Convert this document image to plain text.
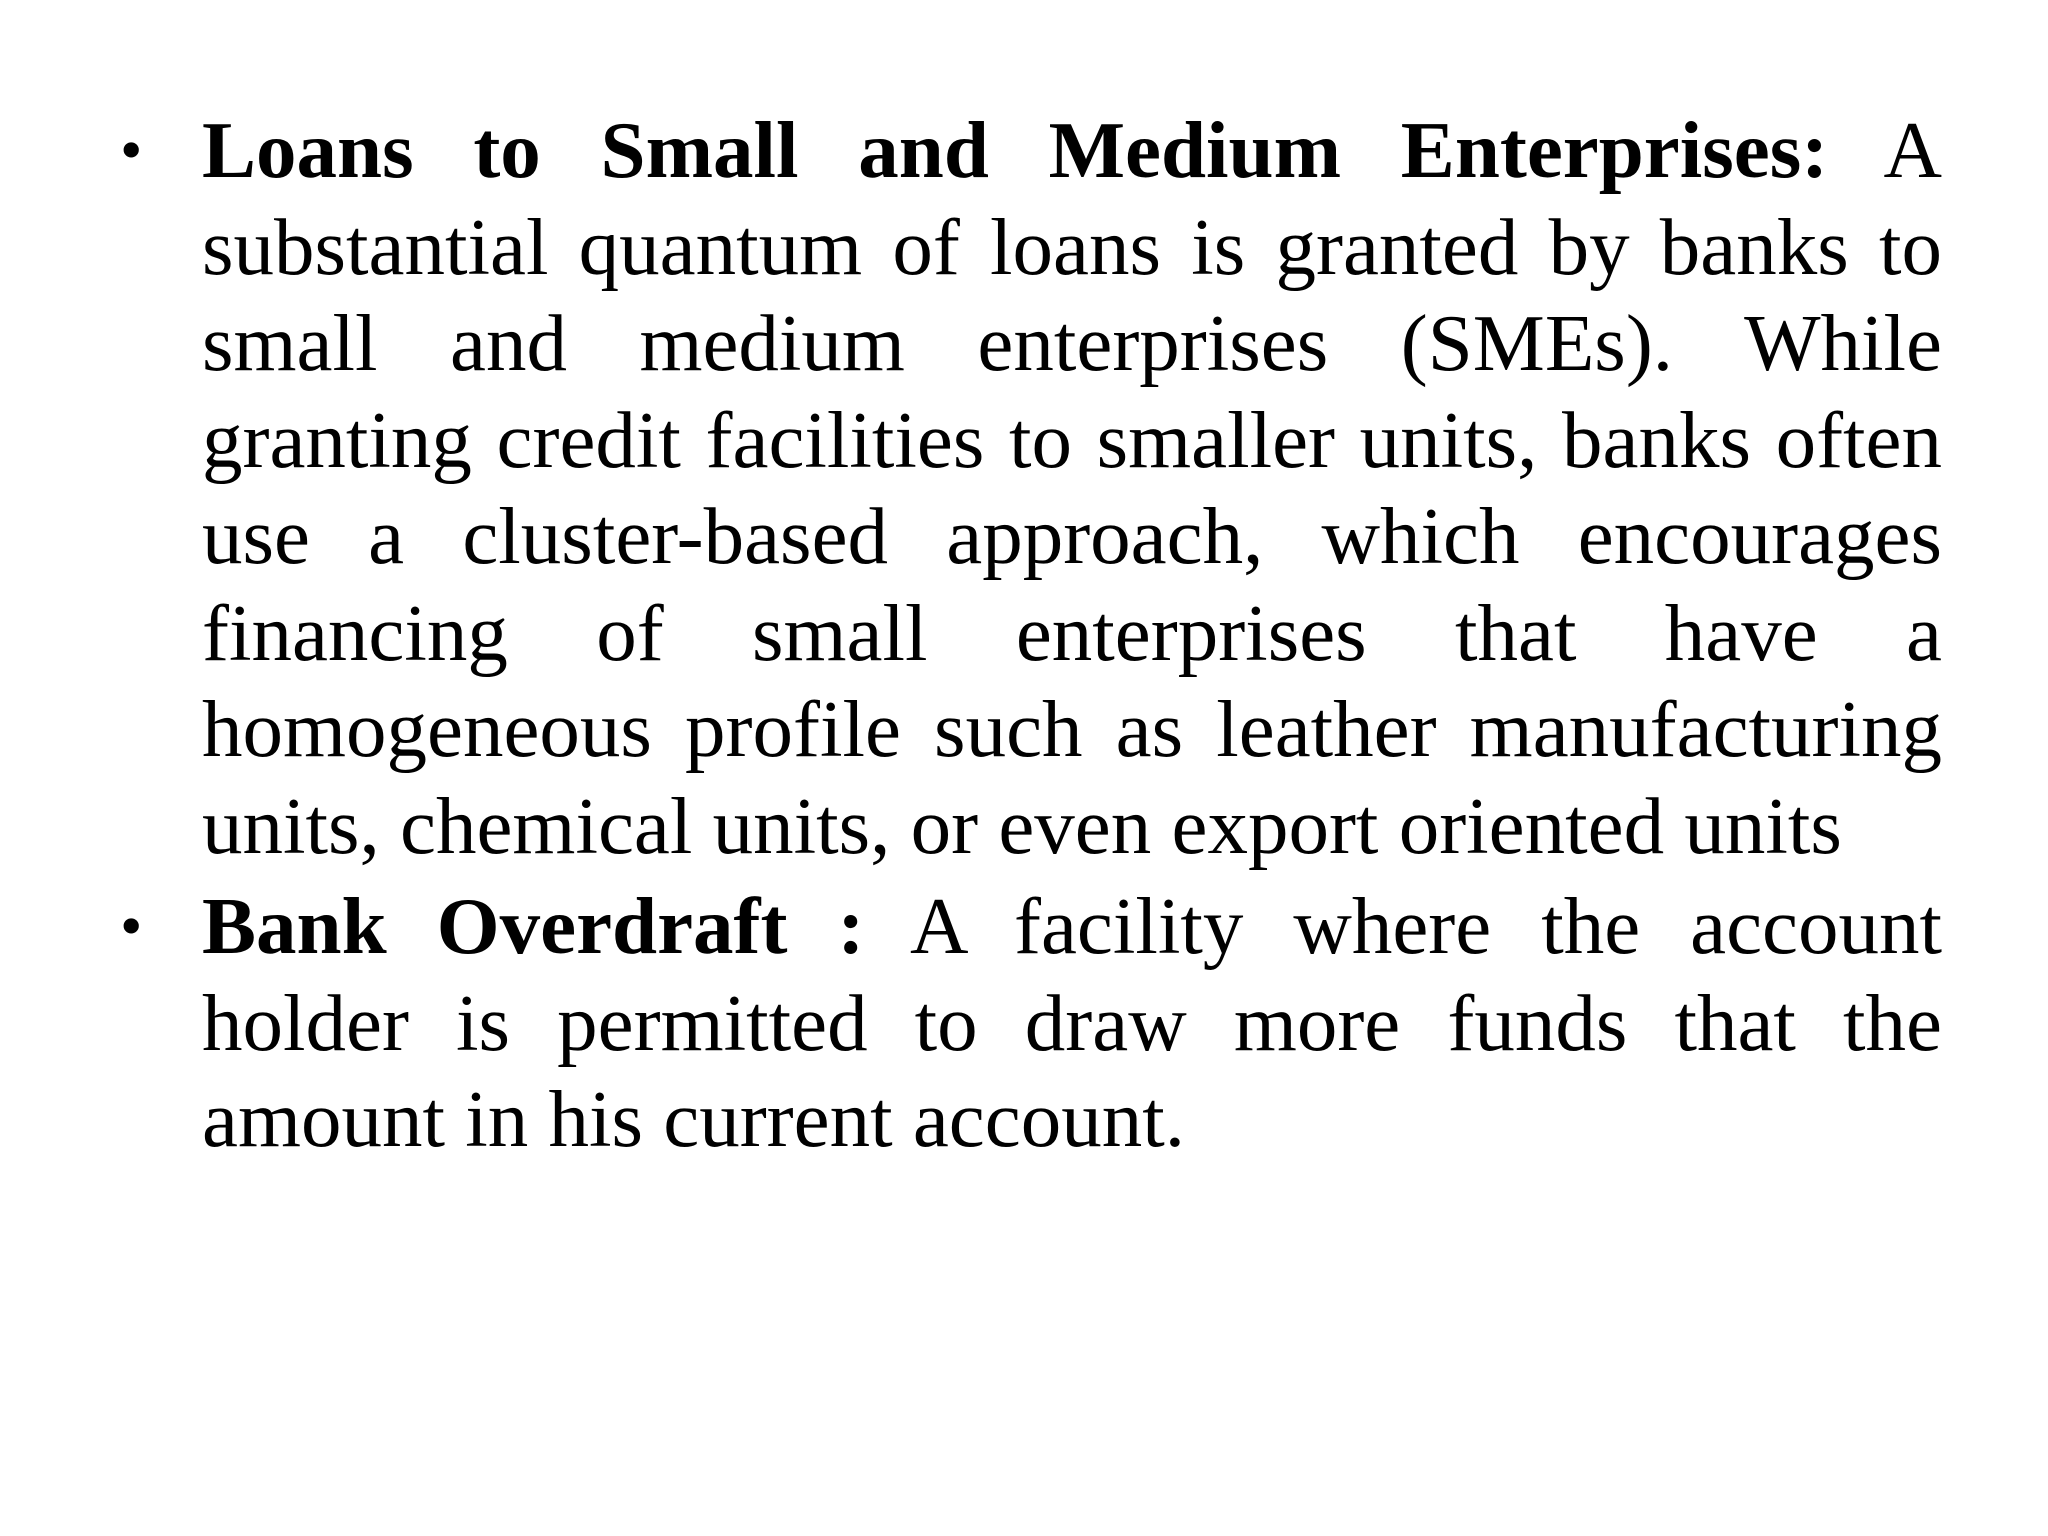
• Loans to Small and Medium Enterprises: A substantial quantum of loans is granted by banks to small and medium enterprises (SMEs). While granting credit facilities to smaller units, banks often use a cluster-based approach, which encourages financing of small enterprises that have a homogeneous profile such as leather manufacturing units, chemical units, or even export oriented units
• Bank Overdraft : A facility where the account holder is permitted to draw more funds that the amount in his current account.
